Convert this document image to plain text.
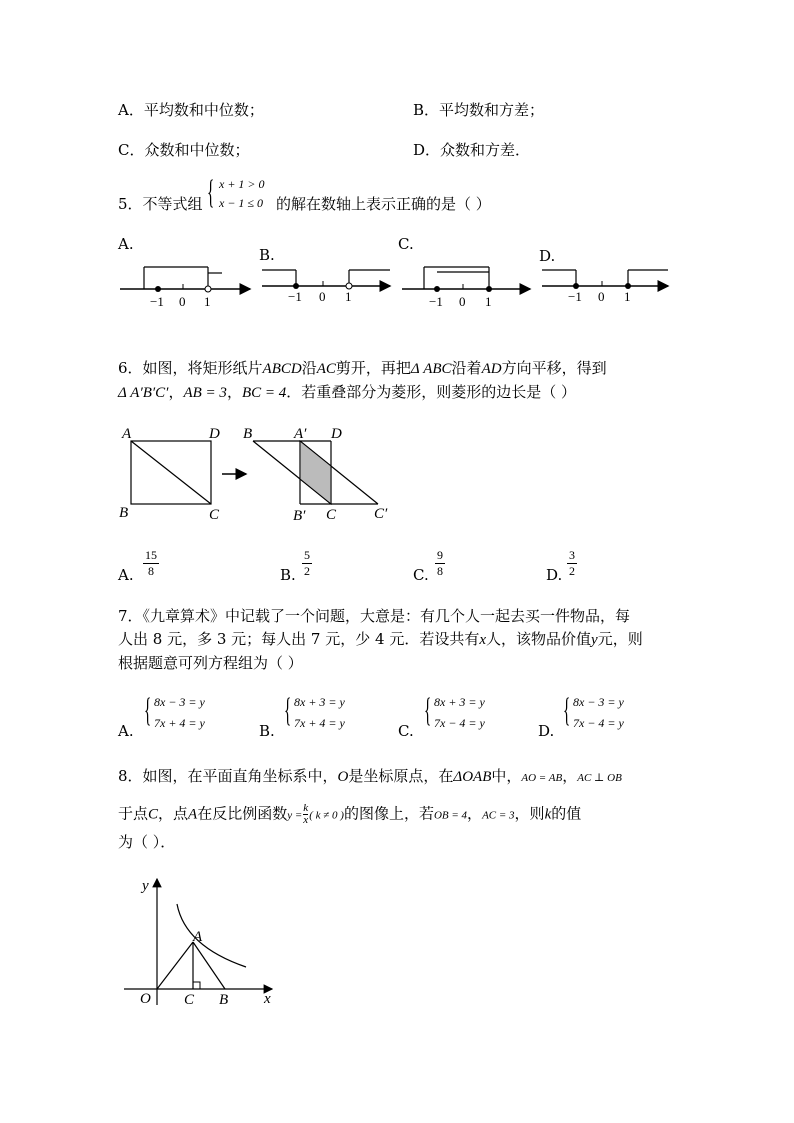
A．平均数和中位数；	B．平均数和方差；
C．众数和中位数；	D．众数和方差．
5．不等式组 { x + 1 > 0
x − 1 ≤ 0 的解在数轴上表示正确的是（ ）
A.
B.
C.
D.
−1 0 1	−1 0 1	−1 0 1	−1 0 1
6．如图，将矩形纸片ABCD沿AC剪开，再把Δ ABC沿着AD方向平移，得到
Δ A′B′C′，AB = 3，BC = 4．若重叠部分为菱形，则菱形的边长是（ ）
A
B	C
D B	A′ D
B′ C	C′
A. $\frac{15}{8}$	B. $\frac{5}{2}$	C. $\frac{9}{8}$	D. $\frac{3}{2}$
7．《九章算术》中记载了一个问题，大意是：有几个人一起去买一件物品，每
人出 8 元，多 3 元；每人出 7 元，少 4 元．若设共有x人，该物品价值y元，则
根据题意可列方程组为（ ）
A.
{ 8x − 3 = y
7x + 4 = y	B.
{ 8x + 3 = y
7x + 4 = y	C.
{ 8x + 3 = y
7x − 4 = y	D.
{ 8x − 3 = y
7x − 4 = y
8．如图，在平面直角坐标系中，O是坐标原点，在ΔOAB中，AO = AB，AC ⊥ OB
于点C，点A在反比例函数$y = \frac{k}{x}$ ( k ≠ 0 )的图像上，若OB = 4，AC = 3，则k的值
为（ ）．
y
x
O
A
C B
